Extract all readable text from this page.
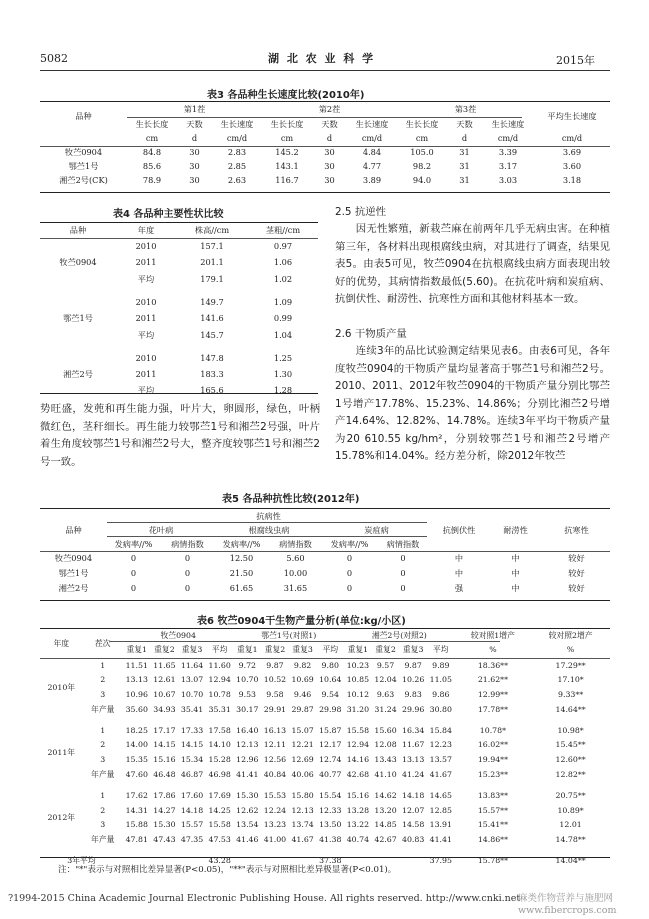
5082	湖 北 农 业 科 学	2015年
表3 各品种生长速度比较(2010年)
品种	第1茬			第2茬			第3茬			平均生长速度
	生长长度	天数	生长速度	生长长度	天数	生长速度	生长长度	天数	生长速度	
	cm	d	cm/d	cm	d	cm/d	cm	d	cm/d	cm/d
牧苎0904	84.8	30	2.83	145.2	30	4.84	105.0	31	3.39	3.69
鄂苎1号	85.6	30	2.85	143.1	30	4.77	98.2	31	3.17	3.60
湘苎2号(CK)	78.9	30	2.63	116.7	30	3.89	94.0	31	3.03	3.18
表4 各品种主要性状比较
品种	年度	株高//cm	茎粗//cm
牧苎0904	2010	157.1	0.97
	2011	201.1	1.06
	平均	179.1	1.02

鄂苎1号	2010	149.7	1.09
	2011	141.6	0.99
	平均	145.7	1.04

湘苎2号	2010	147.8	1.25
	2011	183.3	1.30
	平均	165.6	1.28
势旺盛，发蔸和再生能力强，叶片大，卵圆形，绿色，叶柄微红色，茎秆细长。再生能力较鄂苎1号和湘苎2号强，叶片着生角度较鄂苎1号和湘苎2号大，整齐度较鄂苎1号和湘苎2号一致。
2.5 抗逆性
因无性繁殖，新栽苎麻在前两年几乎无病虫害。在种植第三年，各材料出现根腐线虫病，对其进行了调查，结果见表5。由表5可见，牧苎0904在抗根腐线虫病方面表现出较好的优势，其病情指数最低(5.60)。在抗花叶病和炭疽病、抗倒伏性、耐涝性、抗寒性方面和其他材料基本一致。
2.6 干物质产量
连续3年的品比试验测定结果见表6。由表6可见，各年度牧苎0904的干物质产量均显著高于鄂苎1号和湘苎2号。2010、2011、2012年牧苎0904的干物质产量分别比鄂苎1号增产17.78%、15.23%、14.86%；分别比湘苎2号增产14.64%、12.82%、14.78%。连续3年平均干物质产量为20 610.55 kg/hm²，分别较鄂苎1号和湘苎2号增产15.78%和14.04%。经方差分析，除2012年牧苎
表5 各品种抗性比较(2012年)
品种	抗病性						抗倒伏性	耐涝性	抗寒性
	花叶病		根腐线虫病		炭疽病				
	发病率//%	病情指数	发病率//%	病情指数	发病率//%	病情指数			
牧苎0904	0	0	12.50	5.60	0	0	中	中	较好
鄂苎1号	0	0	21.50	10.00	0	0	中	中	较好
湘苎2号	0	0	61.65	31.65	0	0	强	中	较好
表6 牧苎0904干生物产量分析(单位:kg/小区)
年度	茬次	牧苎0904				鄂苎1号(对照1)				湘苎2号(对照2)				较对照1增产	较对照2增产
		重复1	重复2	重复3	平均	重复1	重复2	重复3	平均	重复1	重复2	重复3	平均	%	%
2010年	1	11.51	11.65	11.64	11.60	9.72	9.87	9.82	9.80	10.23	9.57	9.87	9.89	18.36**	17.29**
	2	13.13	12.61	13.07	12.94	10.70	10.52	10.69	10.64	10.85	12.04	10.26	11.05	21.62**	17.10*
	3	10.96	10.67	10.70	10.78	9.53	9.58	9.46	9.54	10.12	9.63	9.83	9.86	12.99**	9.33**
	年产量	35.60	34.93	35.41	35.31	30.17	29.91	29.87	29.98	31.20	31.24	29.96	30.80	17.78**	14.64**

2011年	1	18.25	17.17	17.33	17.58	16.40	16.13	15.07	15.87	15.58	15.60	16.34	15.84	10.78*	10.98*
	2	14.00	14.15	14.15	14.10	12.13	12.11	12.21	12.17	12.94	12.08	11.67	12.23	16.02**	15.45**
	3	15.35	15.16	15.34	15.28	12.96	12.56	12.69	12.74	14.16	13.43	13.13	13.57	19.94**	12.60**
	年产量	47.60	46.48	46.87	46.98	41.41	40.84	40.06	40.77	42.68	41.10	41.24	41.67	15.23**	12.82**

2012年	1	17.62	17.86	17.60	17.69	15.30	15.53	15.80	15.54	15.16	14.62	14.18	14.65	13.83**	20.75**
	2	14.31	14.27	14.18	14.25	12.62	12.24	12.13	12.33	13.28	13.20	12.07	12.85	15.57**	10.89*
	3	15.88	15.30	15.57	15.58	13.54	13.23	13.74	13.50	13.22	14.85	14.58	13.91	15.41**	12.01
	年产量	47.81	47.43	47.35	47.53	41.46	41.00	41.67	41.38	40.74	42.67	40.83	41.41	14.86**	14.78**

3年平均					43.28				37.38				37.95	15.78**	14.04**
注："*"表示与对照相比差异显著(P<0.05)，"**"表示与对照相比差异极显著(P<0.01)。
?1994-2015 China Academic Journal Electronic Publishing House. All rights reserved. http://www.cnki.net
麻类作物营养与施肥网 www.fibercrops.com
